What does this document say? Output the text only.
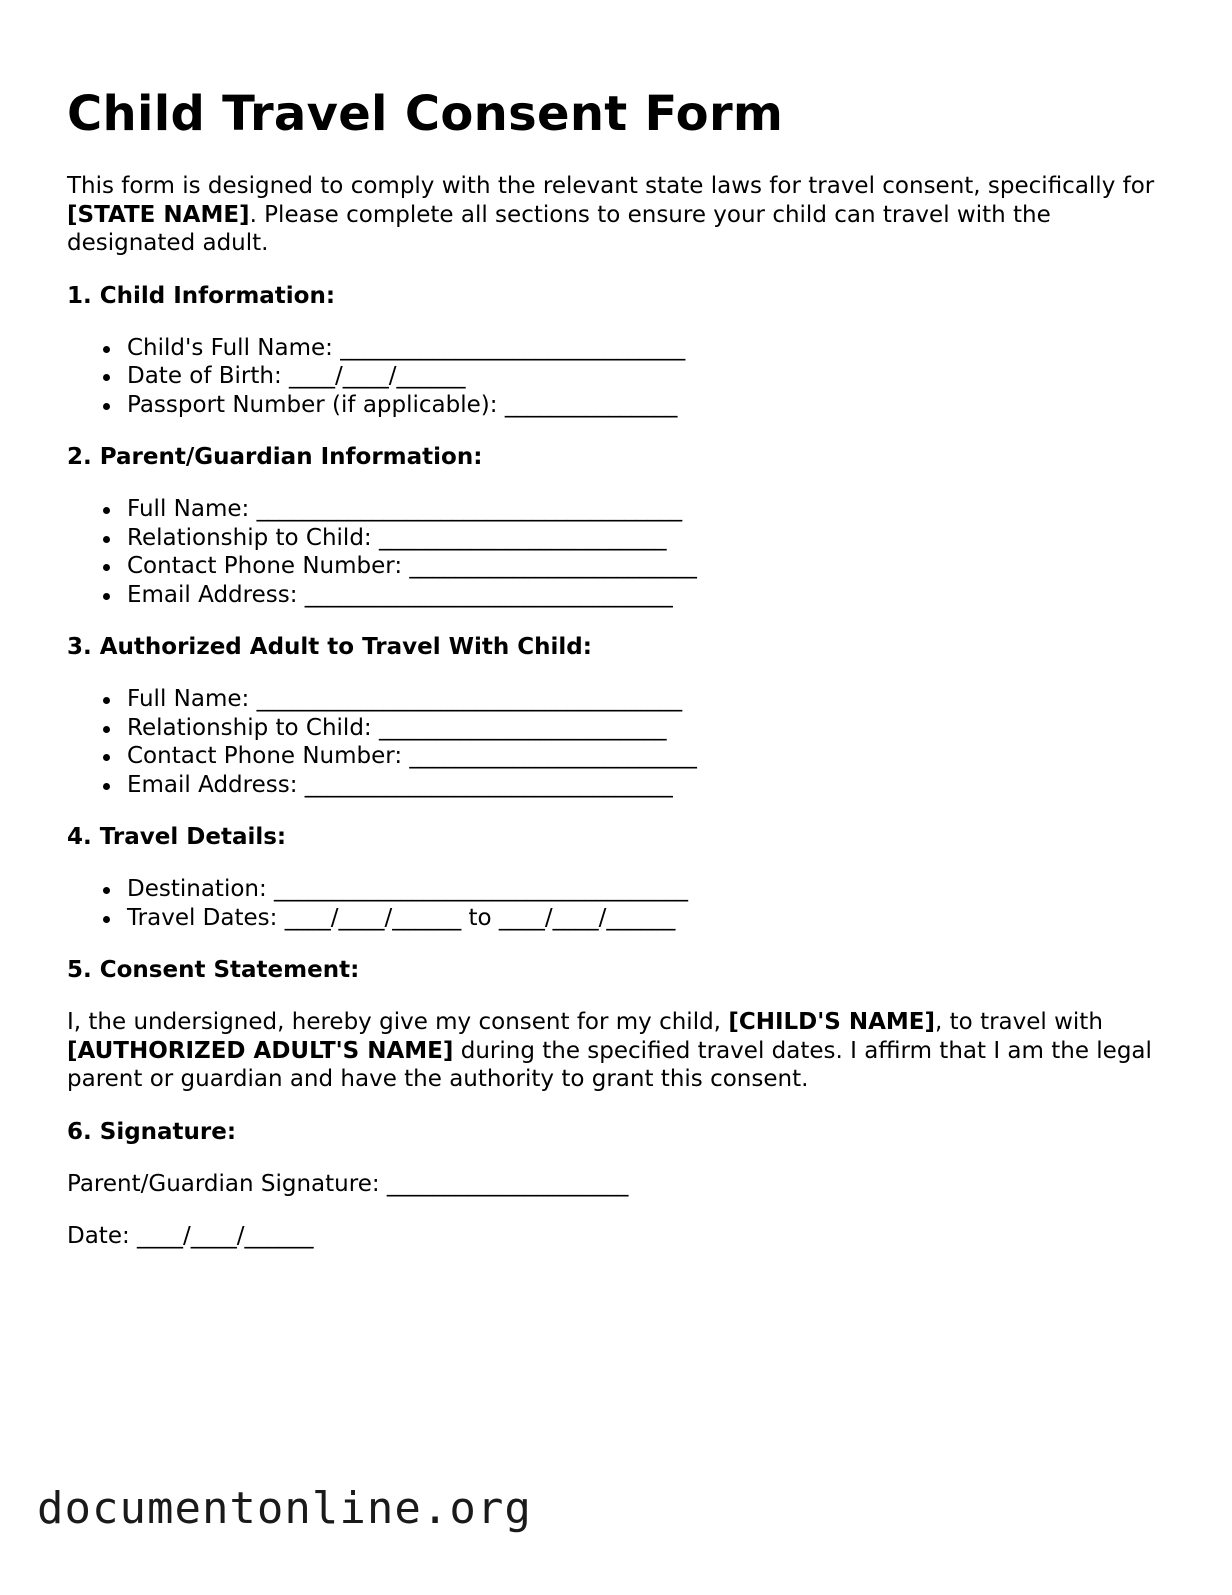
Child Travel Consent Form

This form is designed to comply with the relevant state laws for travel consent, specifically for [STATE NAME]. Please complete all sections to ensure your child can travel with the designated adult.

1. Child Information:
Child's Full Name: ______________________________
Date of Birth: ____/____/______
Passport Number (if applicable): _______________
2. Parent/Guardian Information:
Full Name: _____________________________________
Relationship to Child: _________________________
Contact Phone Number: _________________________
Email Address: ________________________________
3. Authorized Adult to Travel With Child:
Full Name: _____________________________________
Relationship to Child: _________________________
Contact Phone Number: _________________________
Email Address: ________________________________
4. Travel Details:
Destination: ____________________________________
Travel Dates: ____/____/______ to ____/____/______
5. Consent Statement:

I, the undersigned, hereby give my consent for my child, [CHILD'S NAME], to travel with [AUTHORIZED ADULT'S NAME] during the specified travel dates. I affirm that I am the legal parent or guardian and have the authority to grant this consent.

6. Signature:
Parent/Guardian Signature: _____________________
Date: ____/____/______
documentonline.org
